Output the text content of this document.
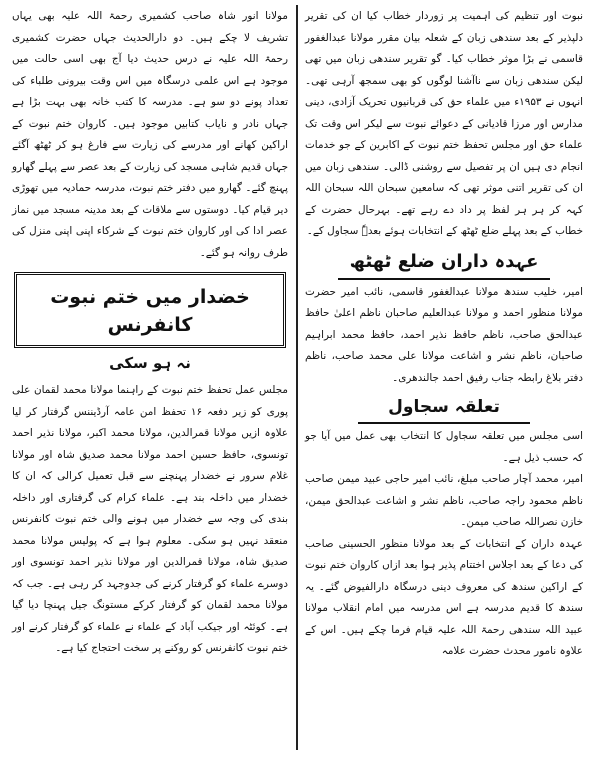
نبوت اور تنظیم کی اہمیت پر زوردار خطاب کیا ان کی تقریر دلپذیر کے بعد سندھی زبان کے شعلہ بیان مقرر مولانا عبدالغفور قاسمی نے بڑا موثر خطاب کیا۔ گو تقریر سندھی زبان میں تھی لیکن سندھی زبان سے ناآشنا لوگوں کو بھی سمجھ آرہی تھی۔ انہوں نے ۱۹۵۳ء میں علماء حق کی قربانیوں تحریک آزادی، دینی مدارس اور مرزا قادیانی کے دعوائے نبوت سے لیکر اس وقت تک علماء حق اور مجلس تحفظ ختم نبوت کے اکابرین کے جو خدمات انجام دی ہیں ان پر تفصیل سے روشنی ڈالی۔ سندھی زبان میں ان کی تقریر اتنی موثر تھی کہ سامعین سبحان اللہ سبحان اللہ کہہ کر ہر ہر لفظ پر داد دے رہے تھے۔ بہرحال حضرت کے خطاب کے بعد پہلے ضلع ٹھٹھ کے انتخابات ہوئے بعدہٗ سجاول کے۔

عہدہ داران ضلع ٹھٹھ

امیر، خلیب سندھ مولانا عبدالغفور قاسمی، نائب امیر حضرت مولانا منظور احمد و مولانا عبدالعلیم صاحبان ناظم اعلیٰ حافظ عبدالحق صاحب، ناظم حافظ نذیر احمد، حافظ محمد ابراہیم صاحبان، ناظم نشر و اشاعت مولانا علی محمد صاحب، ناظم دفتر بلاغ رابطہ جناب رفیق احمد جالندھری۔

تعلقہ سجاول

اسی مجلس میں تعلقہ سجاول کا انتخاب بھی عمل میں آیا جو کہ حسب ذیل ہے۔

امیر، محمد آچار صاحب مبلغ، نائب امیر حاجی عبید میمن صاحب ناظم محمود راجہ صاحب، ناظم نشر و اشاعت عبدالحق میمن، خازن نصراللہ صاحب میمن۔

عہدہ داران کے انتخابات کے بعد مولانا منظور الحسینی صاحب کی دعا کے بعد اجلاس اختتام پذیر ہوا بعد ازاں کاروان ختم نبوت کے اراکین سندھ کی معروف دینی درسگاہ دارالفیوض گئے۔ یہ سندھ کا قدیم مدرسہ ہے اس مدرسہ میں امام انقلاب مولانا عبید اللہ سندھی رحمۃ اللہ علیہ قیام فرما چکے ہیں۔ اس کے علاوہ نامور محدث حضرت علامہ

مولانا انور شاہ صاحب کشمیری رحمۃ اللہ علیہ بھی یہاں تشریف لا چکے ہیں۔ دو دارالحدیث جہاں حضرت کشمیری رحمۃ اللہ علیہ نے درس حدیث دیا آج بھی اسی حالت میں موجود ہے اس علمی درسگاہ میں اس وقت بیرونی طلباء کی تعداد پونے دو سو ہے۔ مدرسہ کا کتب خانہ بھی بہت بڑا ہے جہاں نادر و نایاب کتابیں موجود ہیں۔ کاروان ختم نبوت کے اراکین کھانے اور مدرسے کی زیارت سے فارغ ہو کر ٹھٹھ آگئے جہاں قدیم شاہی مسجد کی زیارت کے بعد عصر سے پہلے گھارو پہنچ گئے۔ گھارو میں دفتر ختم نبوت، مدرسہ حمادیہ میں تھوڑی دیر قیام کیا۔ دوستوں سے ملاقات کے بعد مدینہ مسجد میں نماز عصر ادا کی اور کاروان ختم نبوت کے شرکاء اپنی اپنی منزل کی طرف روانہ ہو گئے۔

خضدار میں ختم نبوت کانفرنس
نہ ہو سکی

مجلس عمل تحفظ ختم نبوت کے راہنما مولانا محمد لقمان علی پوری کو زیر دفعہ ۱۶ تحفظ امن عامہ آرڈیننس گرفتار کر لیا علاوہ ازیں مولانا قمرالدین، مولانا محمد اکبر، مولانا نذیر احمد تونسوی، حافظ حسین احمد مولانا محمد صدیق شاہ اور مولانا غلام سرور نے خضدار پہنچنے سے قبل تعمیل کرالی کہ ان کا خضدار میں داخلہ بند ہے۔ علماء کرام کی گرفتاری اور داخلہ بندی کی وجہ سے خضدار میں ہونے والی ختم نبوت کانفرنس منعقد نہیں ہو سکی۔ معلوم ہوا ہے کہ پولیس مولانا محمد صدیق شاہ، مولانا قمرالدین اور مولانا نذیر احمد تونسوی اور دوسرے علماء کو گرفتار کرنے کی جدوجہد کر رہی ہے۔ جب کہ مولانا محمد لقمان کو گرفتار کرکے مستونگ جیل پہنچا دیا گیا ہے۔ کوئٹہ اور جیکب آباد کے علماء نے علماء کو گرفتار کرنے اور ختم نبوت کانفرنس کو روکنے پر سخت احتجاج کیا ہے۔
